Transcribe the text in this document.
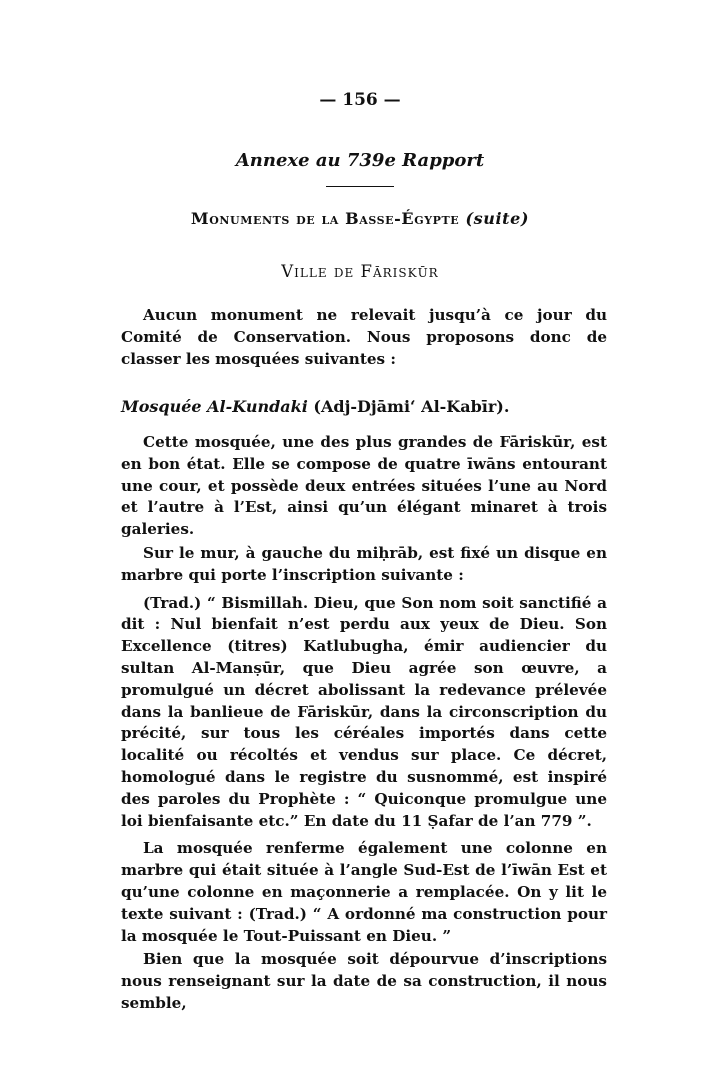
— 156 —
Annexe au 739e Rapport
Monuments de la Basse-Égypte (suite)
Ville de Fāriskūr

Aucun monument ne relevait jusqu’à ce jour du Comité de Conservation. Nous proposons donc de classer les mosquées suivantes :

Mosquée Al-Kundaki (Adj-Djāmi‘ Al-Kabīr).

Cette mosquée, une des plus grandes de Fāriskūr, est en bon état. Elle se compose de quatre īwāns entourant une cour, et possède deux entrées situées l’une au Nord et l’autre à l’Est, ainsi qu’un élégant minaret à trois galeries.

Sur le mur, à gauche du miḥrāb, est fixé un disque en marbre qui porte l’inscription suivante :

(Trad.) “ Bismillah. Dieu, que Son nom soit sanctifié a dit : Nul bienfait n’est perdu aux yeux de Dieu. Son Excellence (titres) Katlubugha, émir audiencier du sultan Al-Manṣūr, que Dieu agrée son œuvre, a promulgué un décret abolissant la redevance prélevée dans la banlieue de Fāriskūr, dans la circonscription du précité, sur tous les céréales importés dans cette localité ou récoltés et vendus sur place. Ce décret, homologué dans le registre du susnommé, est inspiré des paroles du Prophète : “ Quiconque promulgue une loi bienfaisante etc.” En date du 11 Ṣafar de l’an 779 ”.

La mosquée renferme également une colonne en marbre qui était située à l’angle Sud-Est de l’īwān Est et qu’une colonne en maçonnerie a remplacée. On y lit le texte suivant : (Trad.) “ A ordonné ma construction pour la mosquée le Tout-Puissant en Dieu. ”

Bien que la mosquée soit dépourvue d’inscriptions nous renseignant sur la date de sa construction, il nous semble,
